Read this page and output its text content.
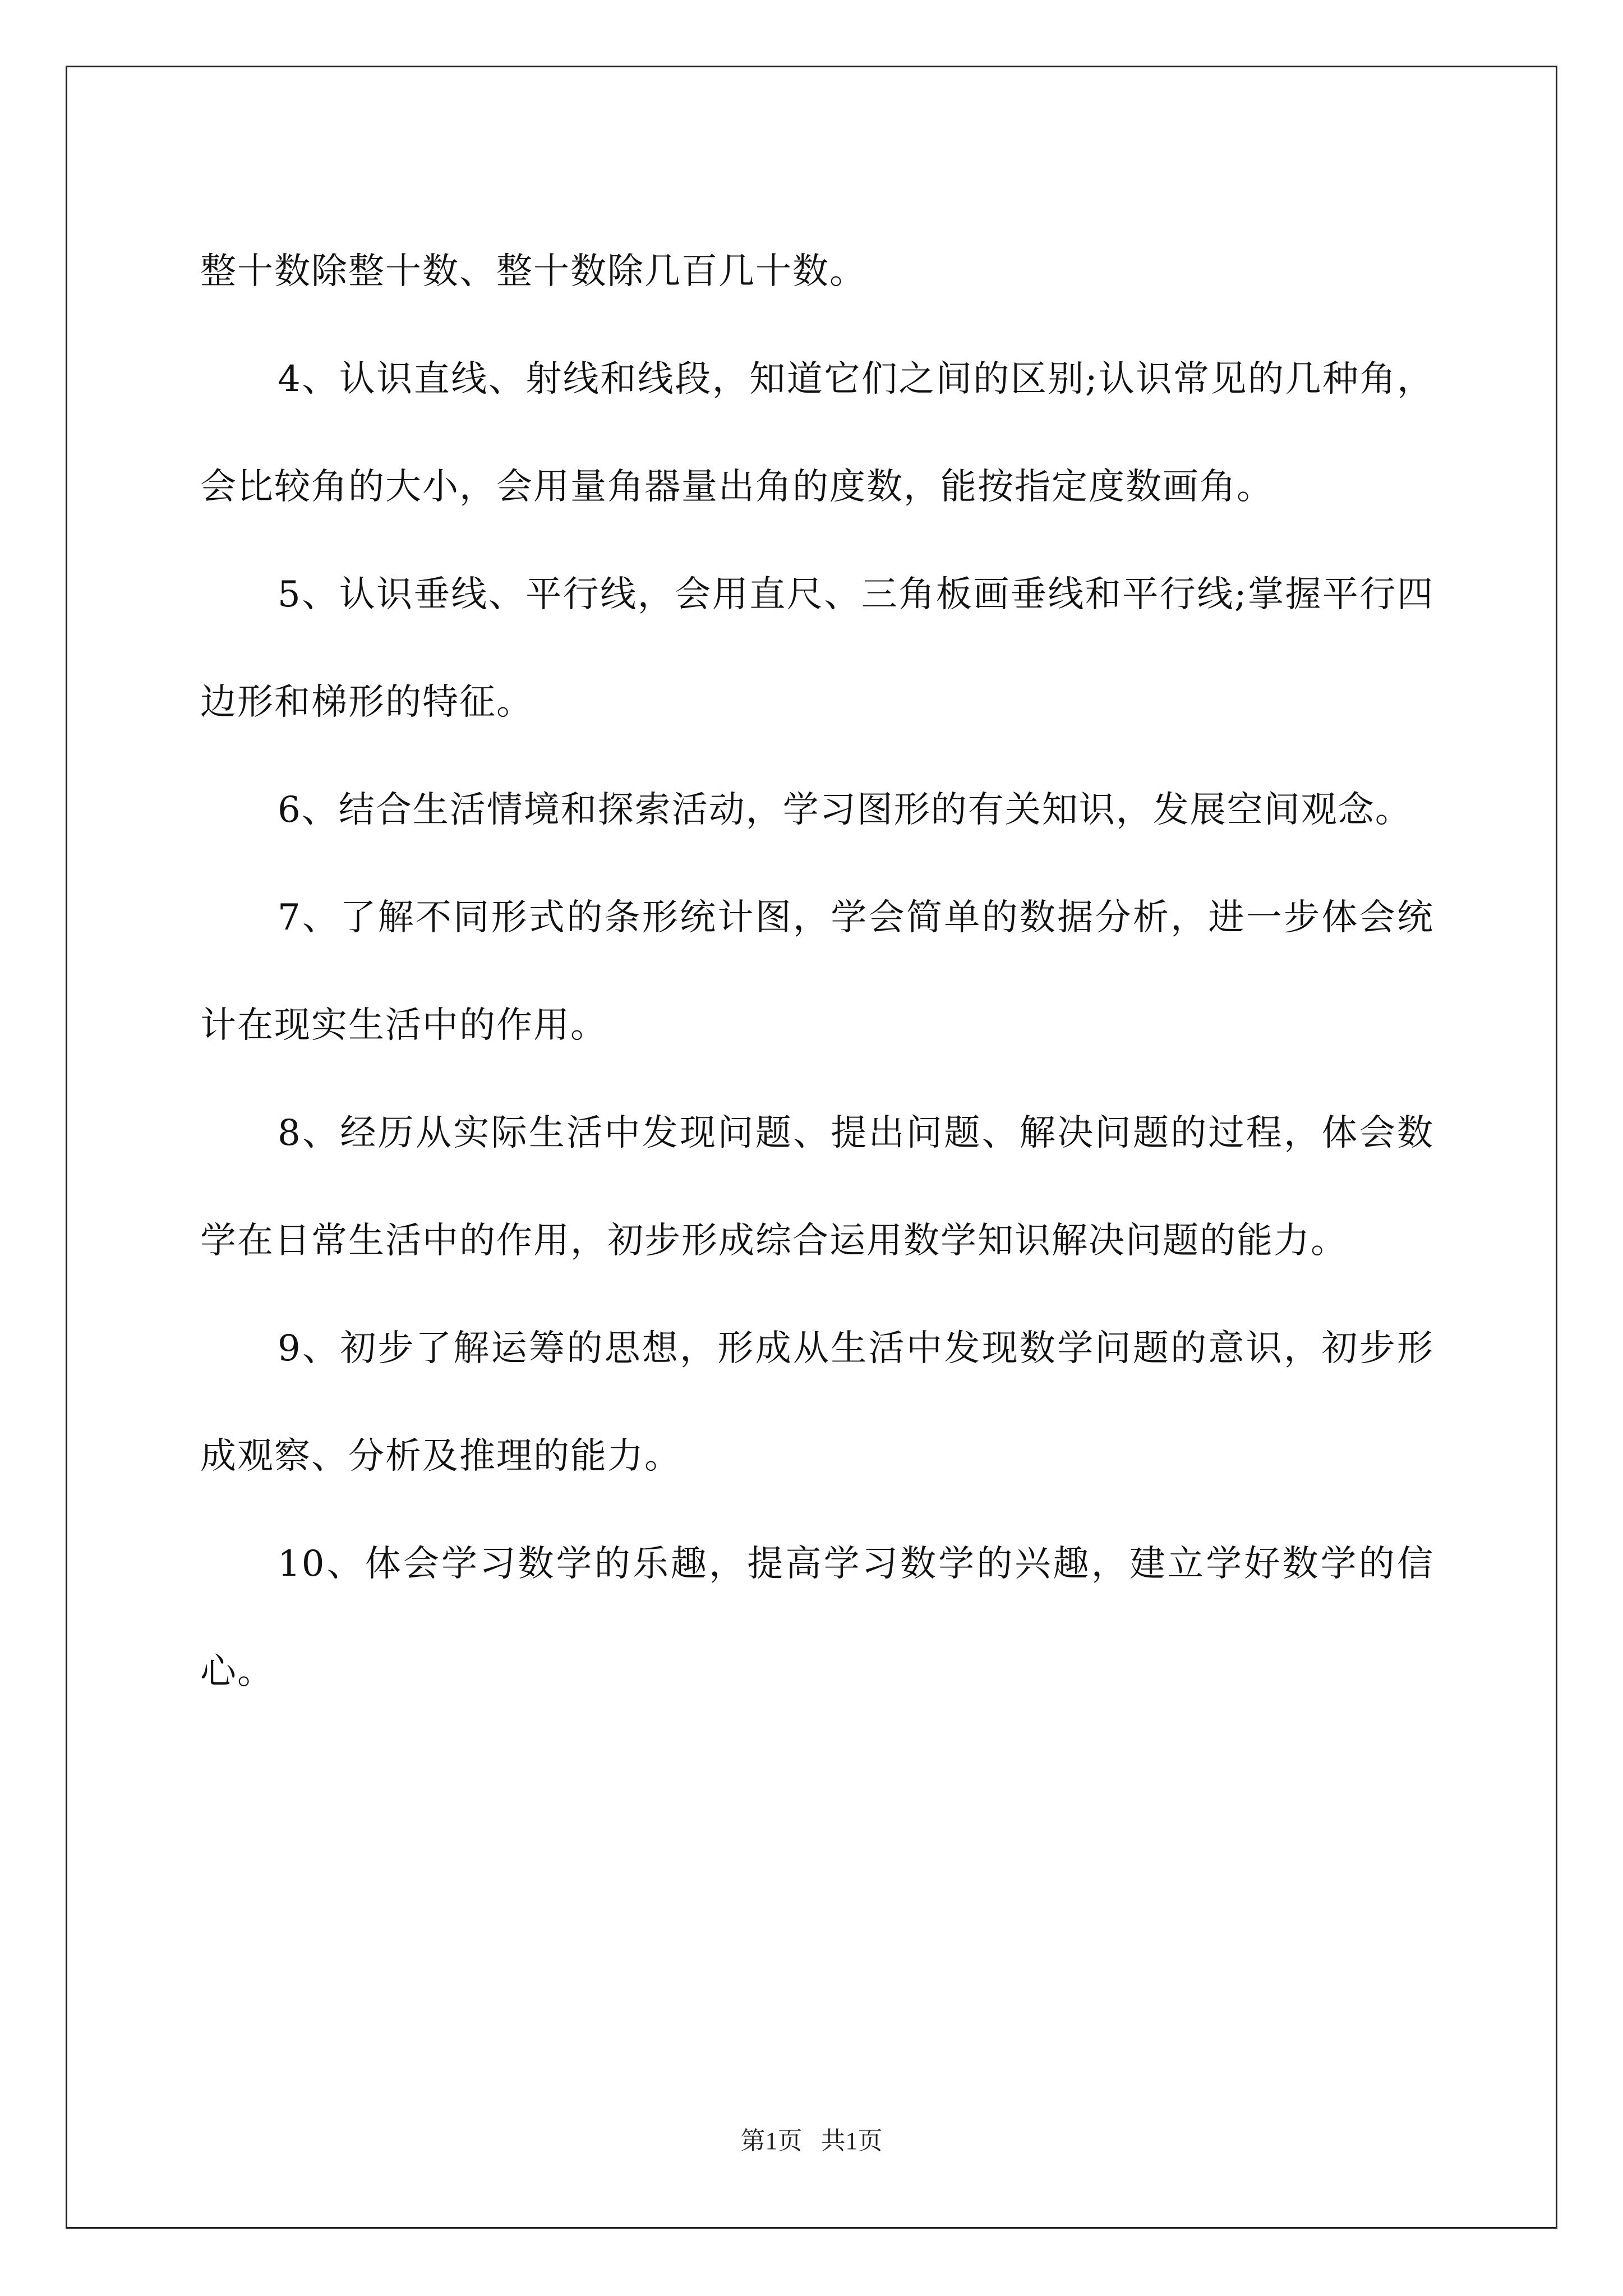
整十数除整十数、整十数除几百几十数。

4、认识直线、射线和线段，知道它们之间的区别;认识常见的几种角，会比较角的大小，会用量角器量出角的度数，能按指定度数画角。

5、认识垂线、平行线，会用直尺、三角板画垂线和平行线;掌握平行四边形和梯形的特征。

6、结合生活情境和探索活动，学习图形的有关知识，发展空间观念。

7、了解不同形式的条形统计图，学会简单的数据分析，进一步体会统计在现实生活中的作用。

8、经历从实际生活中发现问题、提出问题、解决问题的过程，体会数学在日常生活中的作用，初步形成综合运用数学知识解决问题的能力。

9、初步了解运筹的思想，形成从生活中发现数学问题的意识，初步形成观察、分析及推理的能力。

10、体会学习数学的乐趣，提高学习数学的兴趣，建立学好数学的信心。

第1页 共1页
